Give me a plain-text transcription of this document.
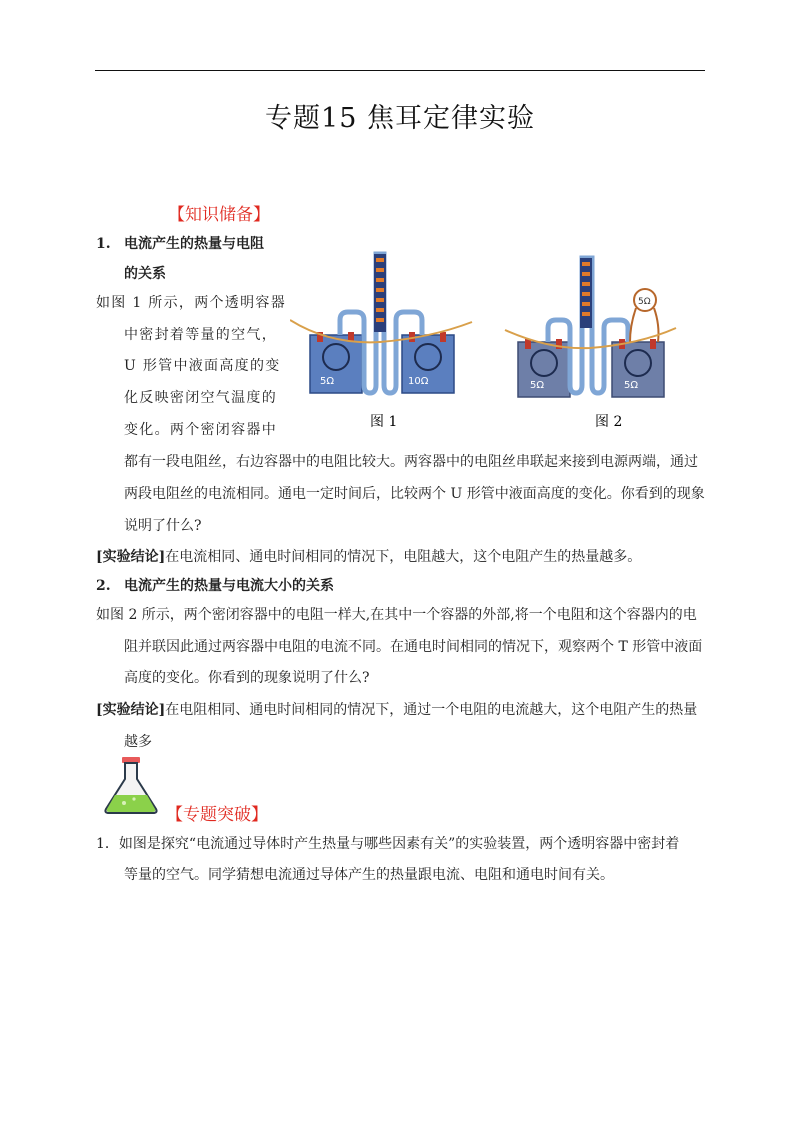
专题15 焦耳定律实验
【知识储备】
1. 电流产生的热量与电阻
的关系
如图 1 所示，两个透明容器
中密封着等量的空气，
U 形管中液面高度的变
化反映密闭空气温度的
变化。两个密闭容器中
都有一段电阻丝，右边容器中的电阻比较大。两容器中的电阻丝串联起来接到电源两端，通过
两段电阻丝的电流相同。通电一定时间后，比较两个 U 形管中液面高度的变化。你看到的现象
说明了什么?
[实验结论]在电流相同、通电时间相同的情况下，电阻越大，这个电阻产生的热量越多。
5Ω	10Ω
图 1
5Ω
5Ω	5Ω
图 2
2. 电流产生的热量与电流大小的关系
如图 2 所示，两个密闭容器中的电阻一样大,在其中一个容器的外部,将一个电阻和这个容器内的电
阻并联因此通过两容器中电阻的电流不同。在通电时间相同的情况下，观察两个 T 形管中液面
高度的变化。你看到的现象说明了什么?
[实验结论]在电阻相同、通电时间相同的情况下，通过一个电阻的电流越大，这个电阻产生的热量
越多
【专题突破】
1．如图是探究“电流通过导体时产生热量与哪些因素有关”的实验装置，两个透明容器中密封着
等量的空气。同学猜想电流通过导体产生的热量跟电流、电阻和通电时间有关。
